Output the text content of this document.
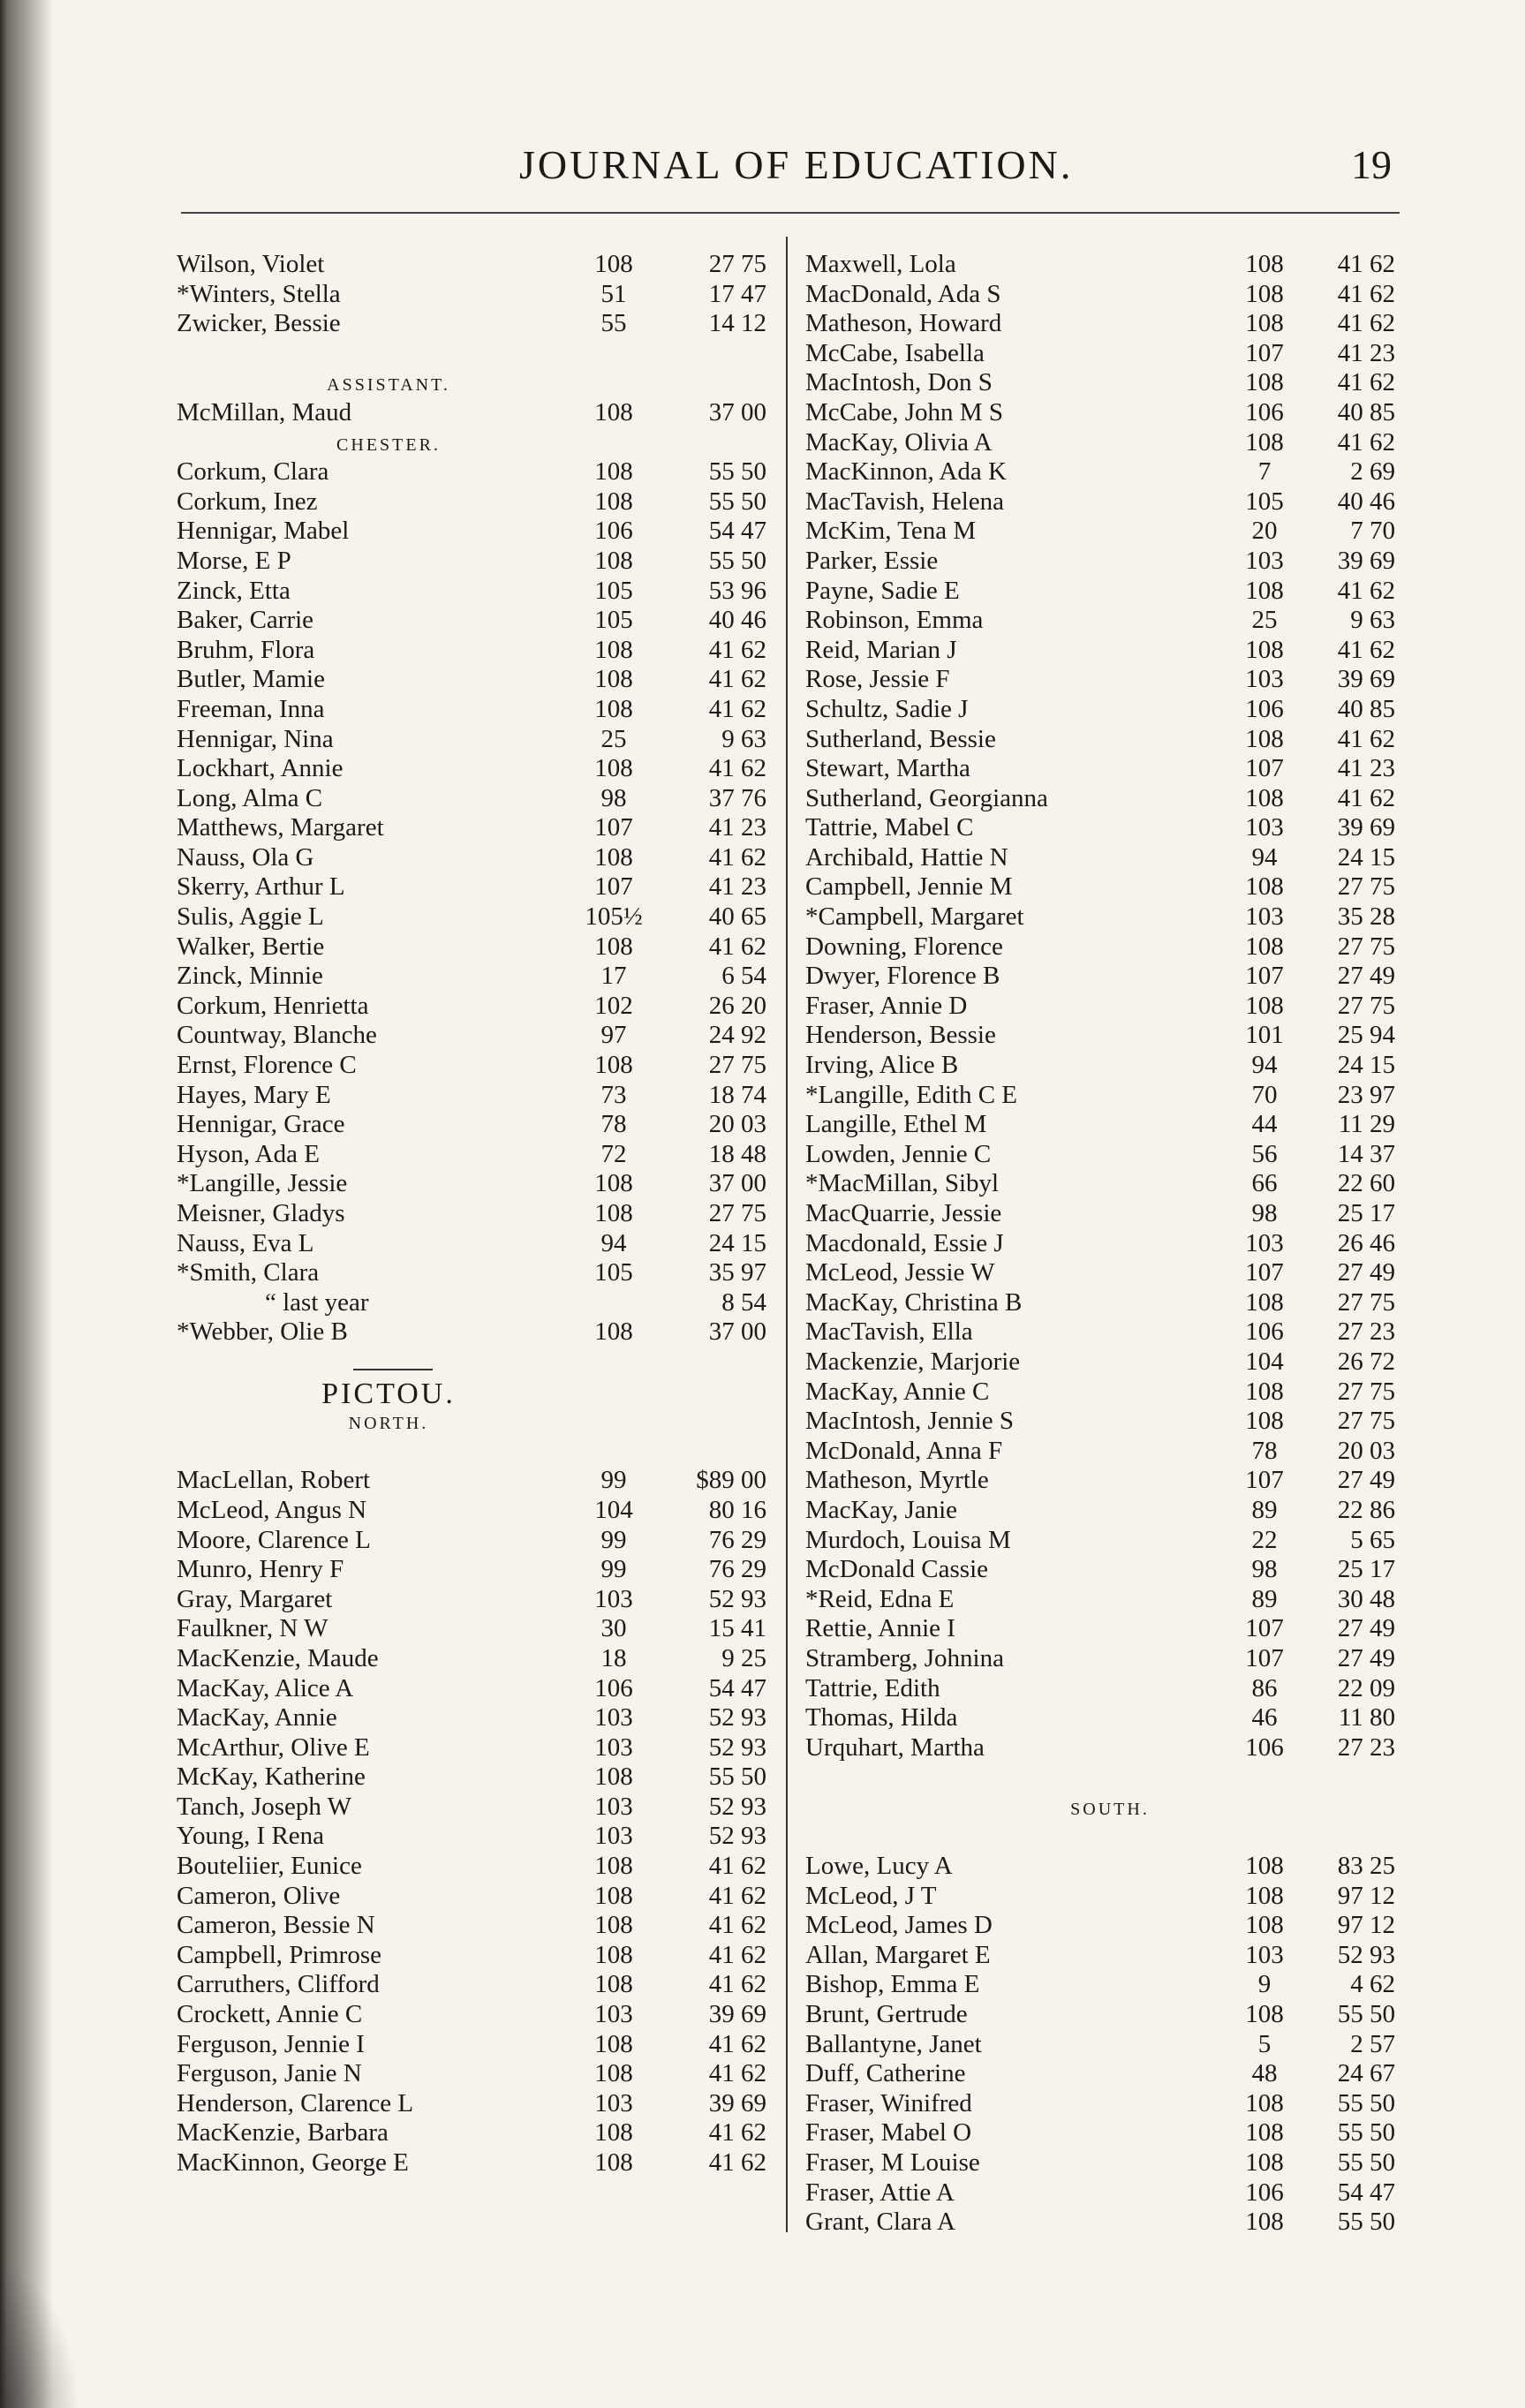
JOURNAL OF EDUCATION.	19
Wilson, Violet	108	27 75
*Winters, Stella	51	17 47
Zwicker, Bessie	55	14 12
ASSISTANT.
McMillan, Maud	108	37 00
CHESTER.
Corkum, Clara	108	55 50
Corkum, Inez	108	55 50
Hennigar, Mabel	106	54 47
Morse, E P	108	55 50
Zinck, Etta	105	53 96
Baker, Carrie	105	40 46
Bruhm, Flora	108	41 62
Butler, Mamie	108	41 62
Freeman, Inna	108	41 62
Hennigar, Nina	25	9 63
Lockhart, Annie	108	41 62
Long, Alma C	98	37 76
Matthews, Margaret	107	41 23
Nauss, Ola G	108	41 62
Skerry, Arthur L	107	41 23
Sulis, Aggie L	105½	40 65
Walker, Bertie	108	41 62
Zinck, Minnie	17	6 54
Corkum, Henrietta	102	26 20
Countway, Blanche	97	24 92
Ernst, Florence C	108	27 75
Hayes, Mary E	73	18 74
Hennigar, Grace	78	20 03
Hyson, Ada E	72	18 48
*Langille, Jessie	108	37 00
Meisner, Gladys	108	27 75
Nauss, Eva L	94	24 15
*Smith, Clara	105	35 97
“ last year	8 54
*Webber, Olie B	108	37 00
PICTOU.
NORTH.
MacLellan, Robert	99	$89 00
McLeod, Angus N	104	80 16
Moore, Clarence L	99	76 29
Munro, Henry F	99	76 29
Gray, Margaret	103	52 93
Faulkner, N W	30	15 41
MacKenzie, Maude	18	9 25
MacKay, Alice A	106	54 47
MacKay, Annie	103	52 93
McArthur, Olive E	103	52 93
McKay, Katherine	108	55 50
Tanch, Joseph W	103	52 93
Young, I Rena	103	52 93
Bouteliier, Eunice	108	41 62
Cameron, Olive	108	41 62
Cameron, Bessie N	108	41 62
Campbell, Primrose	108	41 62
Carruthers, Clifford	108	41 62
Crockett, Annie C	103	39 69
Ferguson, Jennie I	108	41 62
Ferguson, Janie N	108	41 62
Henderson, Clarence L	103	39 69
MacKenzie, Barbara	108	41 62
MacKinnon, George E	108	41 62
Maxwell, Lola	108	41 62
MacDonald, Ada S	108	41 62
Matheson, Howard	108	41 62
McCabe, Isabella	107	41 23
MacIntosh, Don S	108	41 62
McCabe, John M S	106	40 85
MacKay, Olivia A	108	41 62
MacKinnon, Ada K	7	2 69
MacTavish, Helena	105	40 46
McKim, Tena M	20	7 70
Parker, Essie	103	39 69
Payne, Sadie E	108	41 62
Robinson, Emma	25	9 63
Reid, Marian J	108	41 62
Rose, Jessie F	103	39 69
Schultz, Sadie J	106	40 85
Sutherland, Bessie	108	41 62
Stewart, Martha	107	41 23
Sutherland, Georgianna	108	41 62
Tattrie, Mabel C	103	39 69
Archibald, Hattie N	94	24 15
Campbell, Jennie M	108	27 75
*Campbell, Margaret	103	35 28
Downing, Florence	108	27 75
Dwyer, Florence B	107	27 49
Fraser, Annie D	108	27 75
Henderson, Bessie	101	25 94
Irving, Alice B	94	24 15
*Langille, Edith C E	70	23 97
Langille, Ethel M	44	11 29
Lowden, Jennie C	56	14 37
*MacMillan, Sibyl	66	22 60
MacQuarrie, Jessie	98	25 17
Macdonald, Essie J	103	26 46
McLeod, Jessie W	107	27 49
MacKay, Christina B	108	27 75
MacTavish, Ella	106	27 23
Mackenzie, Marjorie	104	26 72
MacKay, Annie C	108	27 75
MacIntosh, Jennie S	108	27 75
McDonald, Anna F	78	20 03
Matheson, Myrtle	107	27 49
MacKay, Janie	89	22 86
Murdoch, Louisa M	22	5 65
McDonald Cassie	98	25 17
*Reid, Edna E	89	30 48
Rettie, Annie I	107	27 49
Stramberg, Johnina	107	27 49
Tattrie, Edith	86	22 09
Thomas, Hilda	46	11 80
Urquhart, Martha	106	27 23
SOUTH.
Lowe, Lucy A	108	83 25
McLeod, J T	108	97 12
McLeod, James D	108	97 12
Allan, Margaret E	103	52 93
Bishop, Emma E	9	4 62
Brunt, Gertrude	108	55 50
Ballantyne, Janet	5	2 57
Duff, Catherine	48	24 67
Fraser, Winifred	108	55 50
Fraser, Mabel O	108	55 50
Fraser, M Louise	108	55 50
Fraser, Attie A	106	54 47
Grant, Clara A	108	55 50
